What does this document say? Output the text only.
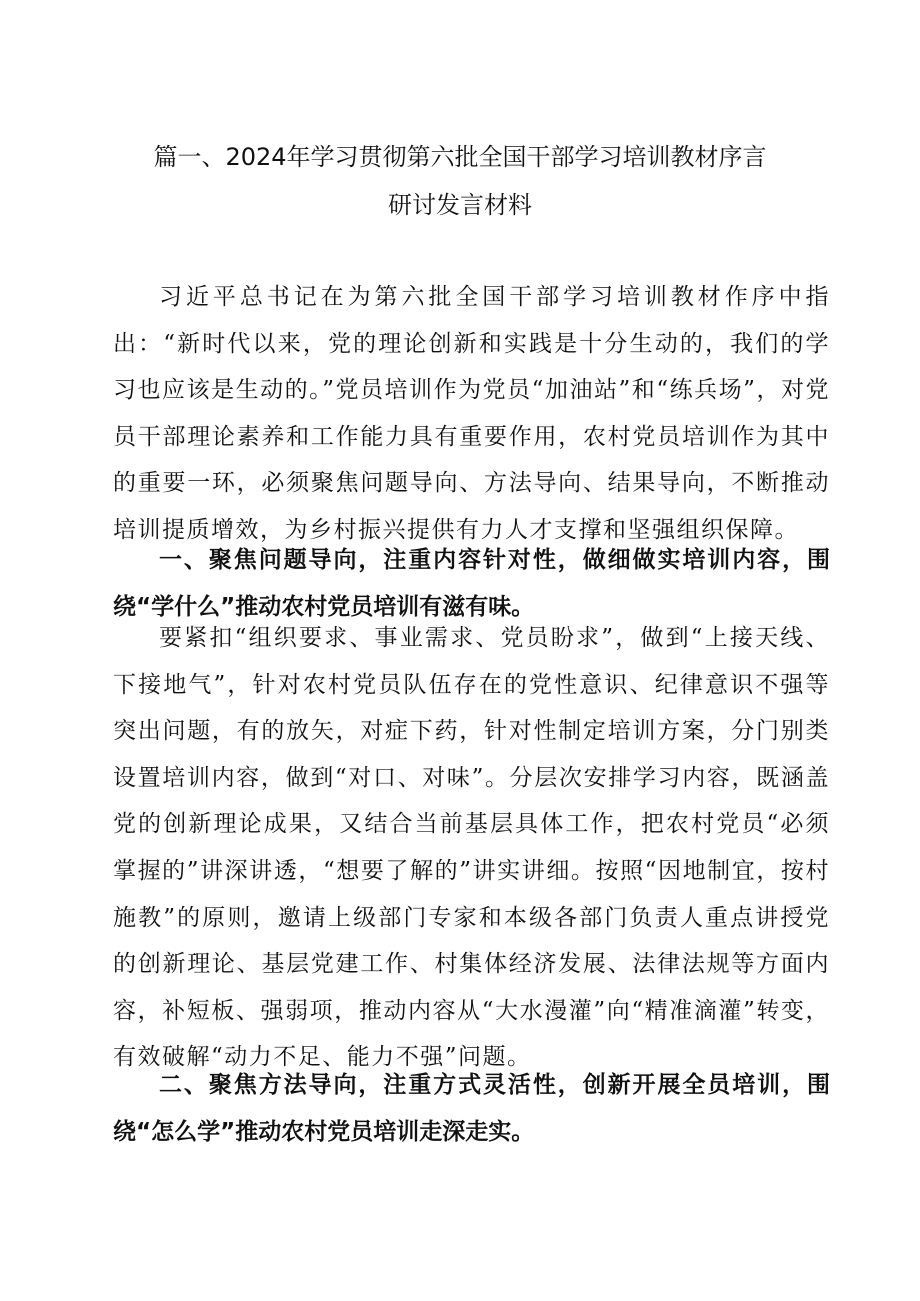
篇一、2024年学习贯彻第六批全国干部学习培训教材序言
研讨发言材料

习近平总书记在为第六批全国干部学习培训教材作序中指出：“新时代以来，党的理论创新和实践是十分生动的，我们的学习也应该是生动的。”党员培训作为党员“加油站”和“练兵场”，对党员干部理论素养和工作能力具有重要作用，农村党员培训作为其中的重要一环，必须聚焦问题导向、方法导向、结果导向，不断推动培训提质增效，为乡村振兴提供有力人才支撑和坚强组织保障。

一、聚焦问题导向，注重内容针对性，做细做实培训内容，围绕“学什么”推动农村党员培训有滋有味。

要紧扣“组织要求、事业需求、党员盼求”，做到“上接天线、下接地气”，针对农村党员队伍存在的党性意识、纪律意识不强等突出问题，有的放矢，对症下药，针对性制定培训方案，分门别类设置培训内容，做到“对口、对味”。分层次安排学习内容，既涵盖党的创新理论成果，又结合当前基层具体工作，把农村党员“必须掌握的”讲深讲透，“想要了解的”讲实讲细。按照“因地制宜，按村施教”的原则，邀请上级部门专家和本级各部门负责人重点讲授党的创新理论、基层党建工作、村集体经济发展、法律法规等方面内容，补短板、强弱项，推动内容从“大水漫灌”向“精准滴灌”转变，有效破解“动力不足、能力不强”问题。

二、聚焦方法导向，注重方式灵活性，创新开展全员培训，围绕“怎么学”推动农村党员培训走深走实。
